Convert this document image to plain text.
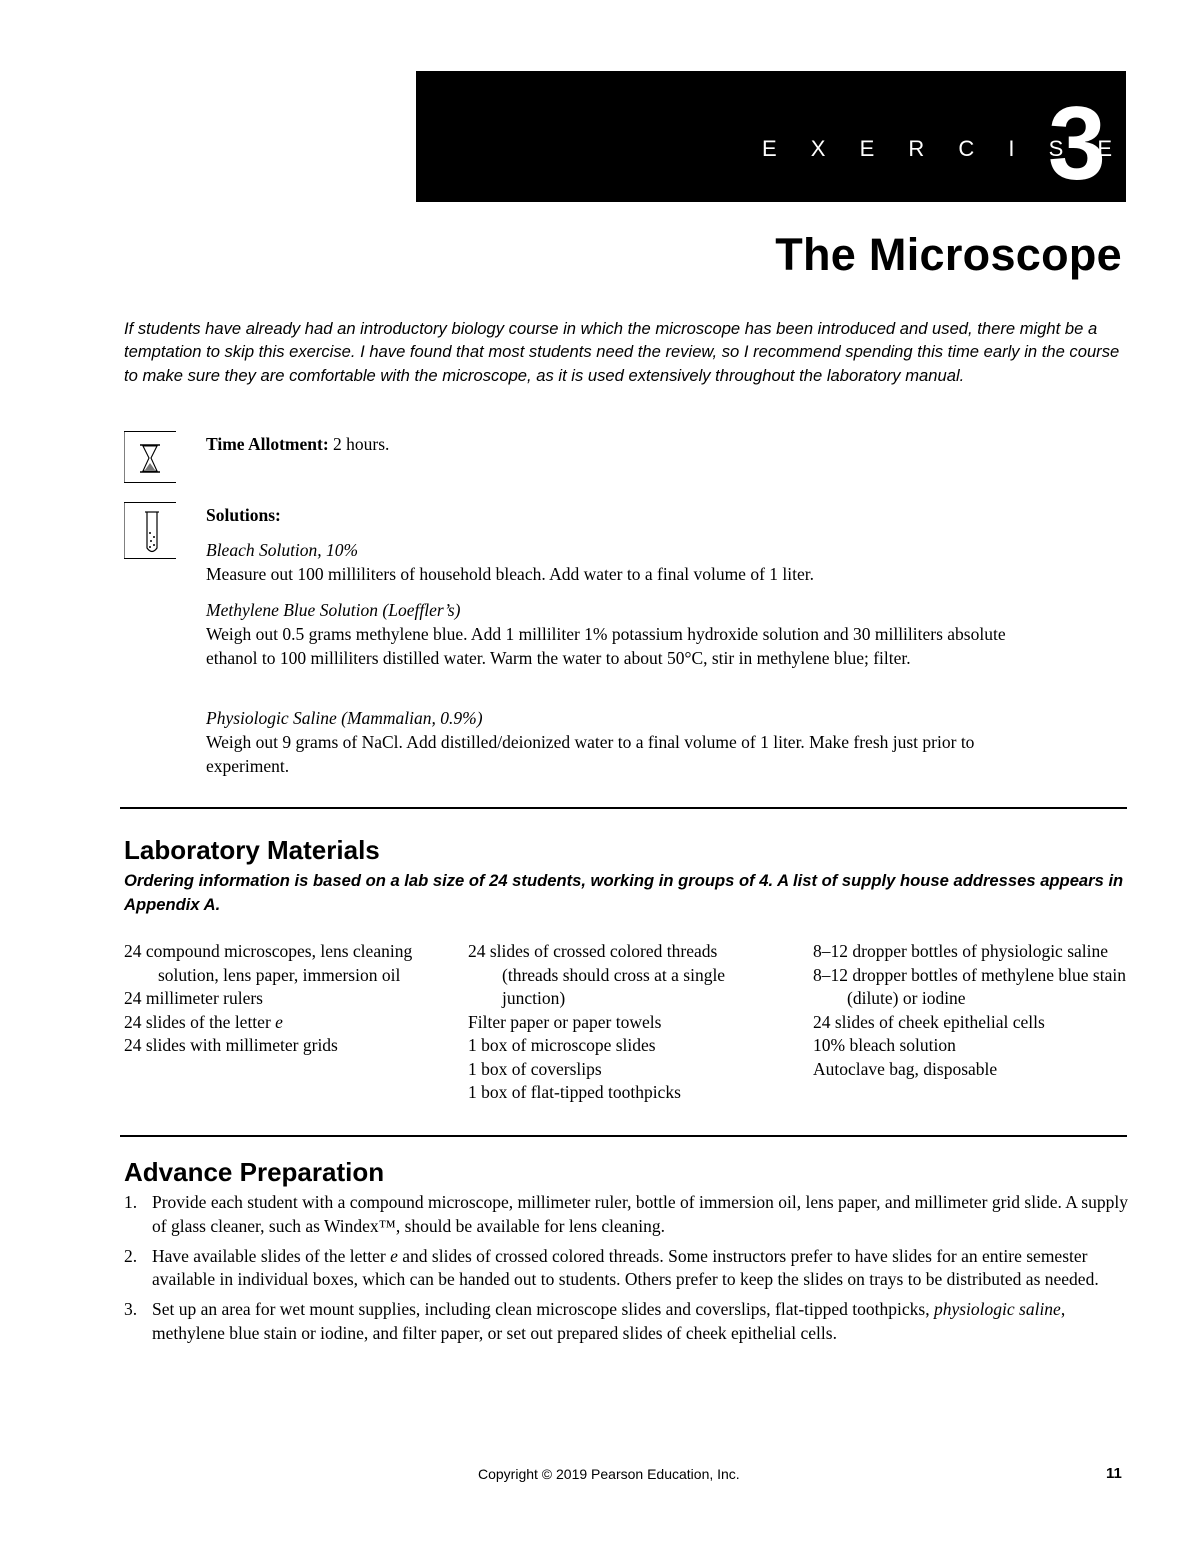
E X E R C I S E
3
The Microscope
If students have already had an introductory biology course in which the microscope has been introduced and used, there might be a temptation to skip this exercise. I have found that most students need the review, so I recommend spending this time early in the course to make sure they are comfortable with the microscope, as it is used extensively throughout the laboratory manual.
Time Allotment: 2 hours.
Solutions:
Bleach Solution, 10%
Measure out 100 milliliters of household bleach. Add water to a final volume of 1 liter.
Methylene Blue Solution (Loeffler’s)
Weigh out 0.5 grams methylene blue. Add 1 milliliter 1% potassium hydroxide solution and 30 milliliters absolute ethanol to 100 milliliters distilled water. Warm the water to about 50°C, stir in methylene blue; filter.
Physiologic Saline (Mammalian, 0.9%)
Weigh out 9 grams of NaCl. Add distilled/deionized water to a final volume of 1 liter. Make fresh just prior to experiment.
Laboratory Materials
Ordering information is based on a lab size of 24 students, working in groups of 4. A list of supply house addresses appears in Appendix A.
24 compound microscopes, lens cleaning solution, lens paper, immersion oil
24 millimeter rulers
24 slides of the letter e
24 slides with millimeter grids
24 slides of crossed colored threads (threads should cross at a single junction)
Filter paper or paper towels
1 box of microscope slides
1 box of coverslips
1 box of flat-tipped toothpicks
8–12 dropper bottles of physiologic saline
8–12 dropper bottles of methylene blue stain (dilute) or iodine
24 slides of cheek epithelial cells
10% bleach solution
Autoclave bag, disposable
Advance Preparation
1. Provide each student with a compound microscope, millimeter ruler, bottle of immersion oil, lens paper, and millimeter grid slide. A supply of glass cleaner, such as Windex™, should be available for lens cleaning.
2. Have available slides of the letter e and slides of crossed colored threads. Some instructors prefer to have slides for an entire semester available in individual boxes, which can be handed out to students. Others prefer to keep the slides on trays to be distributed as needed.
3. Set up an area for wet mount supplies, including clean microscope slides and coverslips, flat-tipped toothpicks, physiologic saline, methylene blue stain or iodine, and filter paper, or set out prepared slides of cheek epithelial cells.
Copyright © 2019 Pearson Education, Inc.	11
